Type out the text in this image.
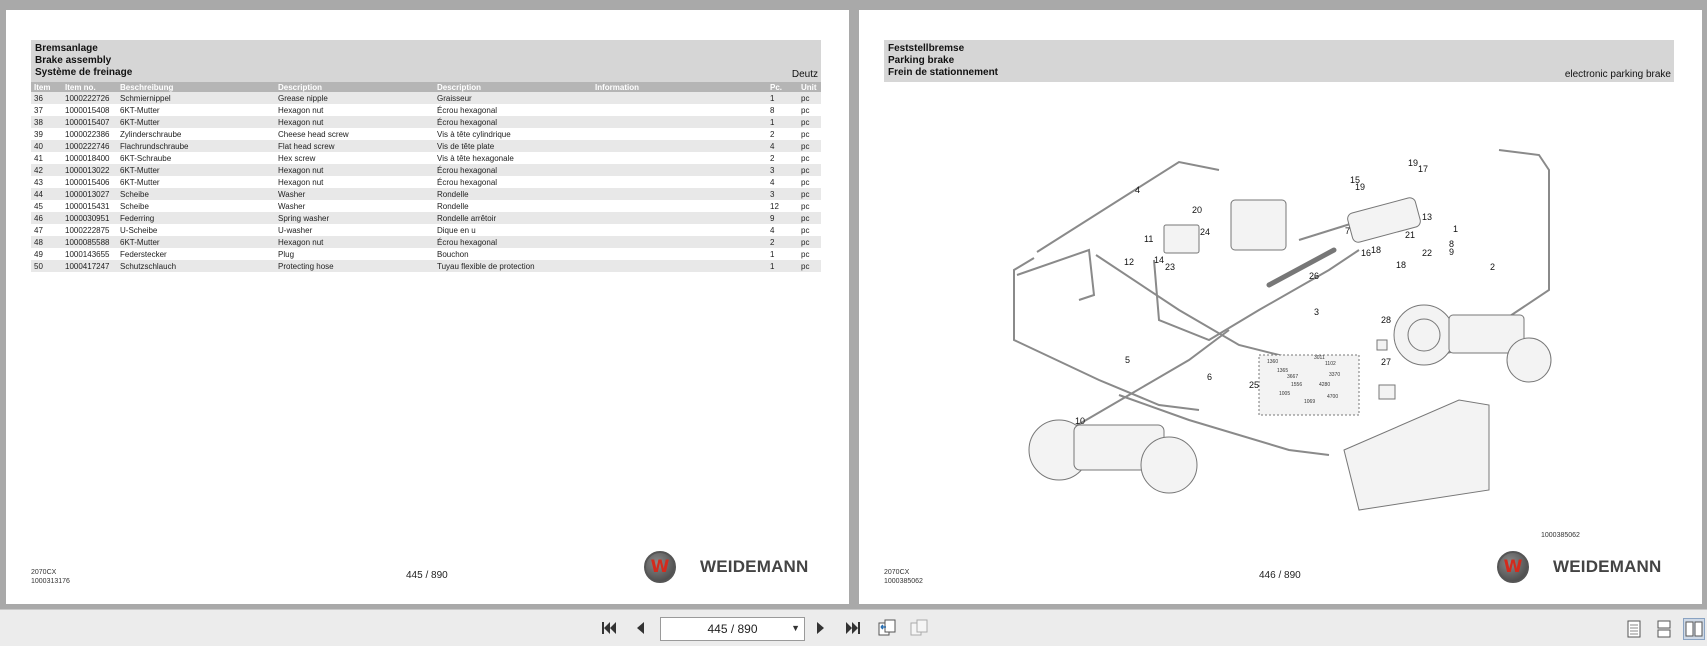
Bremsanlage
Brake assembly
Système de freinage	Deutz
Item	Item no.	Beschreibung	Description	Description	Information	Pc.	Unit
36	1000222726	Schmiernippel	Grease nipple	Graisseur		1	pc
37	1000015408	6KT-Mutter	Hexagon nut	Écrou hexagonal		8	pc
38	1000015407	6KT-Mutter	Hexagon nut	Écrou hexagonal		1	pc
39	1000022386	Zylinderschraube	Cheese head screw	Vis à tête cylindrique		2	pc
40	1000222746	Flachrundschraube	Flat head screw	Vis de tête plate		4	pc
41	1000018400	6KT-Schraube	Hex screw	Vis à tête hexagonale		2	pc
42	1000013022	6KT-Mutter	Hexagon nut	Écrou hexagonal		3	pc
43	1000015406	6KT-Mutter	Hexagon nut	Écrou hexagonal		4	pc
44	1000013027	Scheibe	Washer	Rondelle		3	pc
45	1000015431	Scheibe	Washer	Rondelle		12	pc
46	1000030951	Federring	Spring washer	Rondelle arrêtoir		9	pc
47	1000222875	U-Scheibe	U-washer	Dique en u		4	pc
48	1000085588	6KT-Mutter	Hexagon nut	Écrou hexagonal		2	pc
49	1000143655	Federstecker	Plug	Bouchon		1	pc
50	1000417247	Schutzschlauch	Protecting hose	Tuyau flexible de protection		1	pc
2070CX
1000313176
445 / 890	W WEIDEMANN
Feststellbremse
Parking brake
Frein de stationnement	electronic parking brake
4
20
24
11
12 14
23
26
3
15
19
19
17
7
13
21
1
8
9
22
16 18
18	2
28
27
25
5
6
10
1360
3011
1365
1102
3667	3370
1556	4280
1005	4700
1069
1000385062
2070CX
1000385062
446 / 890	W WEIDEMANN
445 / 890	▼
